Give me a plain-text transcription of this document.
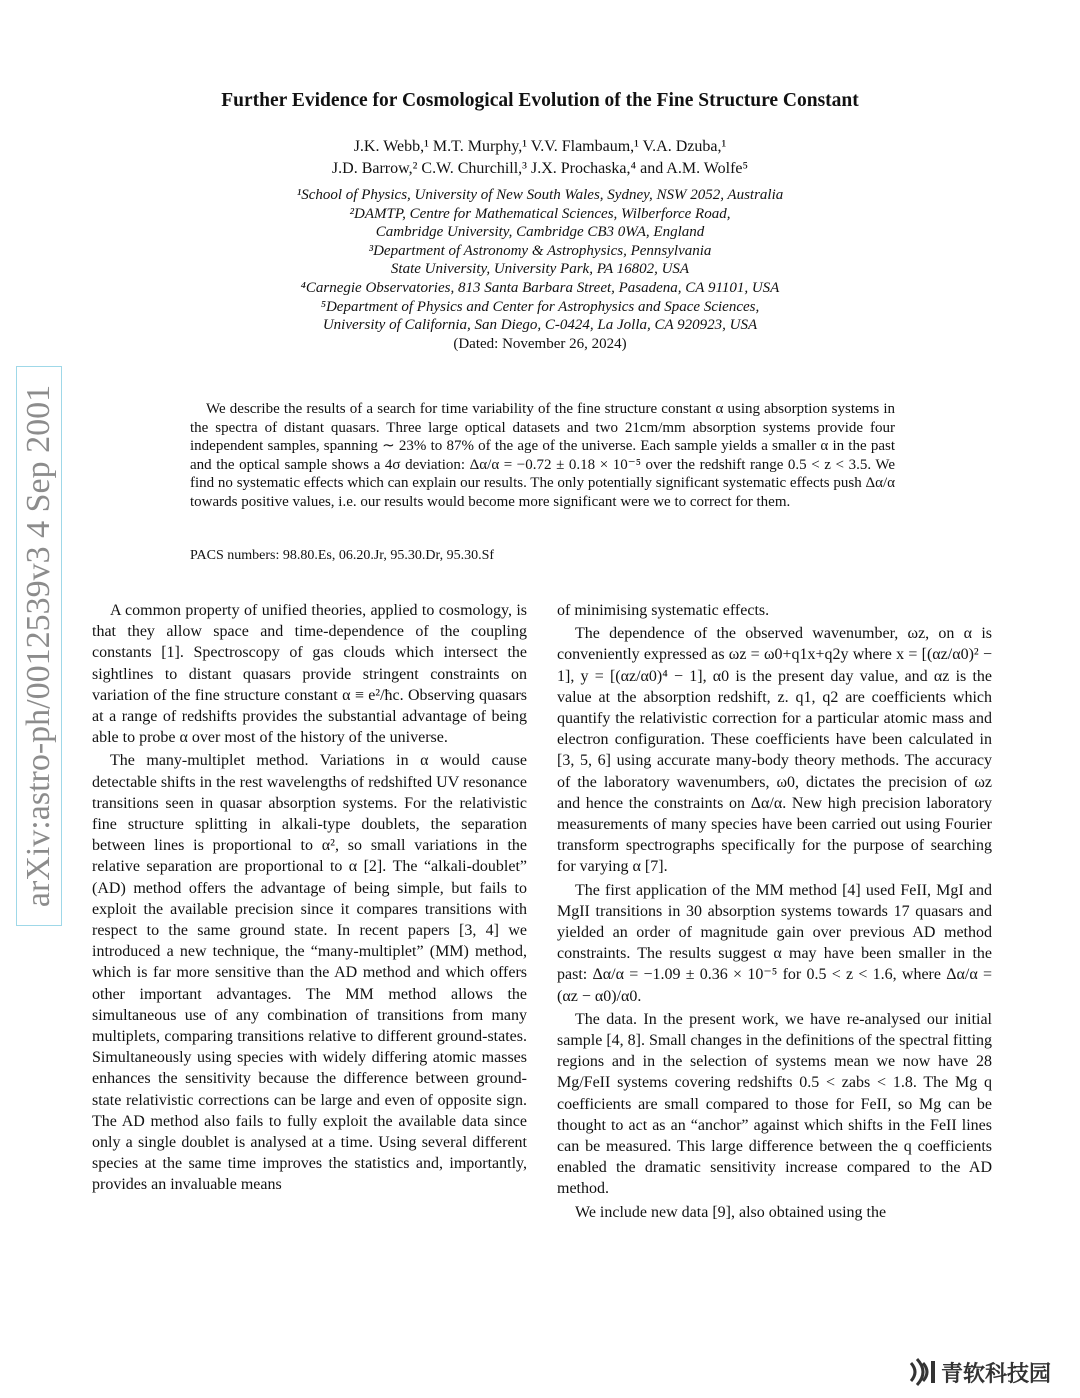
arXiv:astro-ph/0012539v3 4 Sep 2001
Further Evidence for Cosmological Evolution of the Fine Structure Constant
J.K. Webb,¹ M.T. Murphy,¹ V.V. Flambaum,¹ V.A. Dzuba,¹
J.D. Barrow,² C.W. Churchill,³ J.X. Prochaska,⁴ and A.M. Wolfe⁵
¹School of Physics, University of New South Wales, Sydney, NSW 2052, Australia
²DAMTP, Centre for Mathematical Sciences, Wilberforce Road,
Cambridge University, Cambridge CB3 0WA, England
³Department of Astronomy & Astrophysics, Pennsylvania
State University, University Park, PA 16802, USA
⁴Carnegie Observatories, 813 Santa Barbara Street, Pasadena, CA 91101, USA
⁵Department of Physics and Center for Astrophysics and Space Sciences,
University of California, San Diego, C-0424, La Jolla, CA 920923, USA
(Dated: November 26, 2024)
We describe the results of a search for time variability of the fine structure constant α using absorption systems in the spectra of distant quasars. Three large optical datasets and two 21cm/mm absorption systems provide four independent samples, spanning ∼ 23% to 87% of the age of the universe. Each sample yields a smaller α in the past and the optical sample shows a 4σ deviation: Δα/α = −0.72 ± 0.18 × 10⁻⁵ over the redshift range 0.5 < z < 3.5. We find no systematic effects which can explain our results. The only potentially significant systematic effects push Δα/α towards positive values, i.e. our results would become more significant were we to correct for them.
PACS numbers: 98.80.Es, 06.20.Jr, 95.30.Dr, 95.30.Sf

A common property of unified theories, applied to cosmology, is that they allow space and time-dependence of the coupling constants [1]. Spectroscopy of gas clouds which intersect the sightlines to distant quasars provide stringent constraints on variation of the fine structure constant α ≡ e²/ħc. Observing quasars at a range of redshifts provides the substantial advantage of being able to probe α over most of the history of the universe.

The many-multiplet method. Variations in α would cause detectable shifts in the rest wavelengths of redshifted UV resonance transitions seen in quasar absorption systems. For the relativistic fine structure splitting in alkali-type doublets, the separation between lines is proportional to α², so small variations in the relative separation are proportional to α [2]. The “alkali-doublet” (AD) method offers the advantage of being simple, but fails to exploit the available precision since it compares transitions with respect to the same ground state. In recent papers [3, 4] we introduced a new technique, the “many-multiplet” (MM) method, which is far more sensitive than the AD method and which offers other important advantages. The MM method allows the simultaneous use of any combination of transitions from many multiplets, comparing transitions relative to different ground-states. Simultaneously using species with widely differing atomic masses enhances the sensitivity because the difference between ground-state relativistic corrections can be large and even of opposite sign. The AD method also fails to fully exploit the available data since only a single doublet is analysed at a time. Using several different species at the same time improves the statistics and, importantly, provides an invaluable means

of minimising systematic effects.

The dependence of the observed wavenumber, ωz, on α is conveniently expressed as ωz = ω0+q1x+q2y where x = [(αz/α0)² − 1], y = [(αz/α0)⁴ − 1], α0 is the present day value, and αz is the value at the absorption redshift, z. q1, q2 are coefficients which quantify the relativistic correction for a particular atomic mass and electron configuration. These coefficients have been calculated in [3, 5, 6] using accurate many-body theory methods. The accuracy of the laboratory wavenumbers, ω0, dictates the precision of ωz and hence the constraints on Δα/α. New high precision laboratory measurements of many species have been carried out using Fourier transform spectrographs specifically for the purpose of searching for varying α [7].

The first application of the MM method [4] used FeII, MgI and MgII transitions in 30 absorption systems towards 17 quasars and yielded an order of magnitude gain over previous AD method constraints. The results suggest α may have been smaller in the past: Δα/α = −1.09 ± 0.36 × 10⁻⁵ for 0.5 < z < 1.6, where Δα/α = (αz − α0)/α0.

The data. In the present work, we have re-analysed our initial sample [4, 8]. Small changes in the definitions of the spectral fitting regions and in the selection of systems mean we now have 28 Mg/FeII systems covering redshifts 0.5 < zabs < 1.8. The Mg q coefficients are small compared to those for FeII, so Mg can be thought to act as an “anchor” against which shifts in the FeII lines can be measured. This large difference between the q coefficients enabled the dramatic sensitivity increase compared to the AD method.

We include new data [9], also obtained using the

青软科技园
